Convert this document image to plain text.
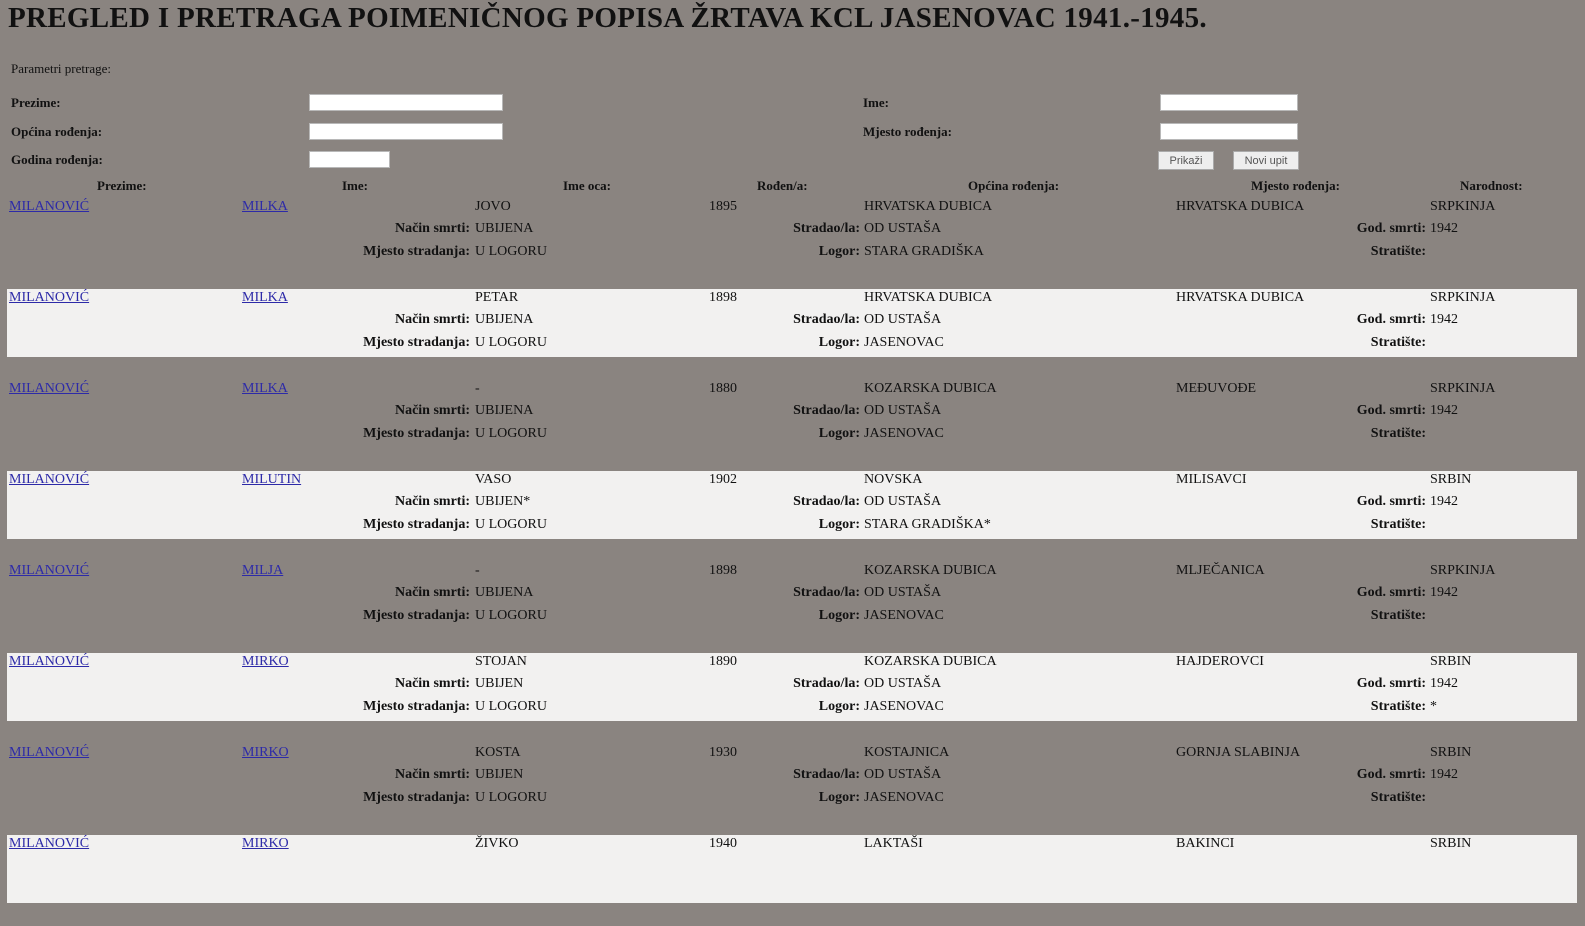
PREGLED I PRETRAGA POIMENIČNOG POPISA ŽRTAVA KCL JASENOVAC 1941.-1945.
Parametri pretrage:
Prezime:
Općina rođenja:
Godina rođenja:
Ime:
Mjesto rođenja:
Prikaži	Novi upit
Prezime:	Ime:	Ime oca:	Rođen/a:	Općina rođenja:	Mjesto rođenja:	Narodnost:
MILANOVIĆ	MILKA	JOVO	1895	HRVATSKA DUBICA	HRVATSKA DUBICA	SRPKINJA
Način smrti: UBIJENA	Stradao/la: OD USTAŠA	God. smrti: 1942
Mjesto stradanja: U LOGORU	Logor: STARA GRADIŠKA	Stratište:
MILANOVIĆ	MILKA	PETAR	1898	HRVATSKA DUBICA	HRVATSKA DUBICA	SRPKINJA
Način smrti: UBIJENA	Stradao/la: OD USTAŠA	God. smrti: 1942
Mjesto stradanja: U LOGORU	Logor: JASENOVAC	Stratište:
MILANOVIĆ	MILKA	-	1880	KOZARSKA DUBICA	MEĐUVOĐE	SRPKINJA
Način smrti: UBIJENA	Stradao/la: OD USTAŠA	God. smrti: 1942
Mjesto stradanja: U LOGORU	Logor: JASENOVAC	Stratište:
MILANOVIĆ	MILUTIN	VASO	1902	NOVSKA	MILISAVCI	SRBIN
Način smrti: UBIJEN*	Stradao/la: OD USTAŠA	God. smrti: 1942
Mjesto stradanja: U LOGORU	Logor: STARA GRADIŠKA*	Stratište:
MILANOVIĆ	MILJA	-	1898	KOZARSKA DUBICA	MLJEČANICA	SRPKINJA
Način smrti: UBIJENA	Stradao/la: OD USTAŠA	God. smrti: 1942
Mjesto stradanja: U LOGORU	Logor: JASENOVAC	Stratište:
MILANOVIĆ	MIRKO	STOJAN	1890	KOZARSKA DUBICA	HAJDEROVCI	SRBIN
Način smrti: UBIJEN	Stradao/la: OD USTAŠA	God. smrti: 1942
Mjesto stradanja: U LOGORU	Logor: JASENOVAC	Stratište: *
MILANOVIĆ	MIRKO	KOSTA	1930	KOSTAJNICA	GORNJA SLABINJA	SRBIN
Način smrti: UBIJEN	Stradao/la: OD USTAŠA	God. smrti: 1942
Mjesto stradanja: U LOGORU	Logor: JASENOVAC	Stratište:
MILANOVIĆ	MIRKO	ŽIVKO	1940	LAKTAŠI	BAKINCI	SRBIN
